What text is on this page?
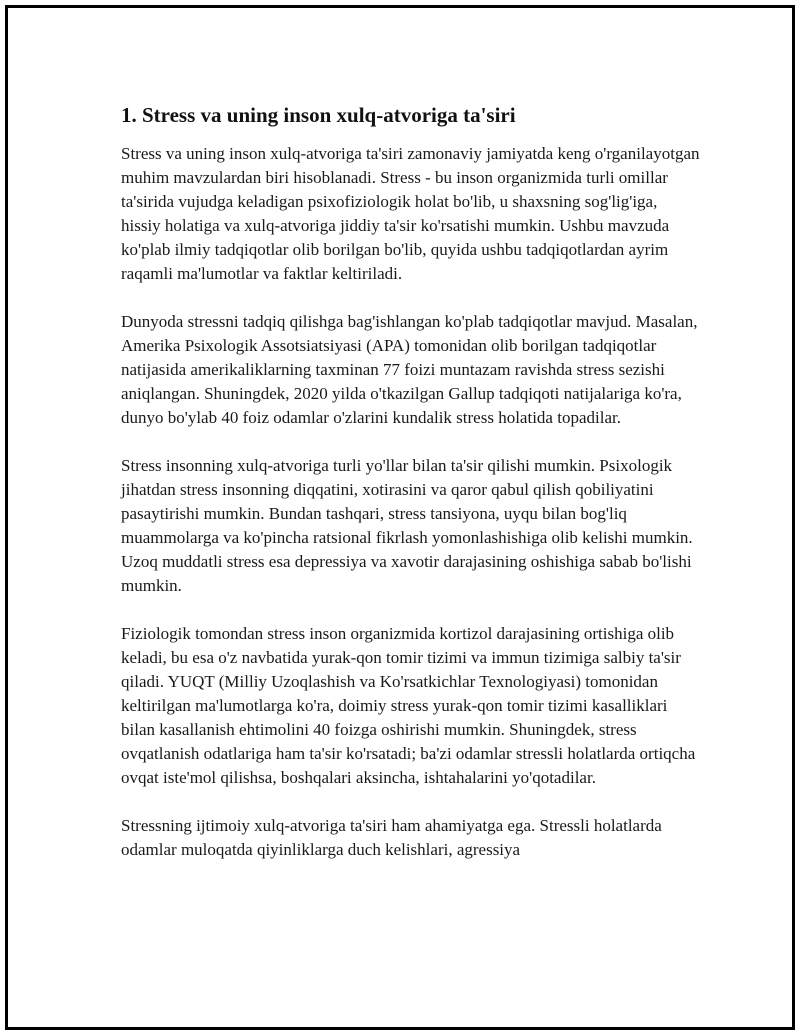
1. Stress va uning inson xulq-atvoriga ta'siri

Stress va uning inson xulq-atvoriga ta'siri zamonaviy jamiyatda keng o'rganilayotgan muhim mavzulardan biri hisoblanadi. Stress - bu inson organizmida turli omillar ta'sirida vujudga keladigan psixofiziologik holat bo'lib, u shaxsning sog'lig'iga, hissiy holatiga va xulq-atvoriga jiddiy ta'sir ko'rsatishi mumkin. Ushbu mavzuda ko'plab ilmiy tadqiqotlar olib borilgan bo'lib, quyida ushbu tadqiqotlardan ayrim raqamli ma'lumotlar va faktlar keltiriladi.

Dunyoda stressni tadqiq qilishga bag'ishlangan ko'plab tadqiqotlar mavjud. Masalan, Amerika Psixologik Assotsiatsiyasi (APA) tomonidan olib borilgan tadqiqotlar natijasida amerikaliklarning taxminan 77 foizi muntazam ravishda stress sezishi aniqlangan. Shuningdek, 2020 yilda o'tkazilgan Gallup tadqiqoti natijalariga ko'ra, dunyo bo'ylab 40 foiz odamlar o'zlarini kundalik stress holatida topadilar.

Stress insonning xulq-atvoriga turli yo'llar bilan ta'sir qilishi mumkin. Psixologik jihatdan stress insonning diqqatini, xotirasini va qaror qabul qilish qobiliyatini pasaytirishi mumkin. Bundan tashqari, stress tansiyona, uyqu bilan bog'liq muammolarga va ko'pincha ratsional fikrlash yomonlashishiga olib kelishi mumkin. Uzoq muddatli stress esa depressiya va xavotir darajasining oshishiga sabab bo'lishi mumkin.

Fiziologik tomondan stress inson organizmida kortizol darajasining ortishiga olib keladi, bu esa o'z navbatida yurak-qon tomir tizimi va immun tizimiga salbiy ta'sir qiladi. YUQT (Milliy Uzoqlashish va Ko'rsatkichlar Texnologiyasi) tomonidan keltirilgan ma'lumotlarga ko'ra, doimiy stress yurak-qon tomir tizimi kasalliklari bilan kasallanish ehtimolini 40 foizga oshirishi mumkin. Shuningdek, stress ovqatlanish odatlariga ham ta'sir ko'rsatadi; ba'zi odamlar stressli holatlarda ortiqcha ovqat iste'mol qilishsa, boshqalari aksincha, ishtahalarini yo'qotadilar.

Stressning ijtimoiy xulq-atvoriga ta'siri ham ahamiyatga ega. Stressli holatlarda odamlar muloqatda qiyinliklarga duch kelishlari, agressiya
